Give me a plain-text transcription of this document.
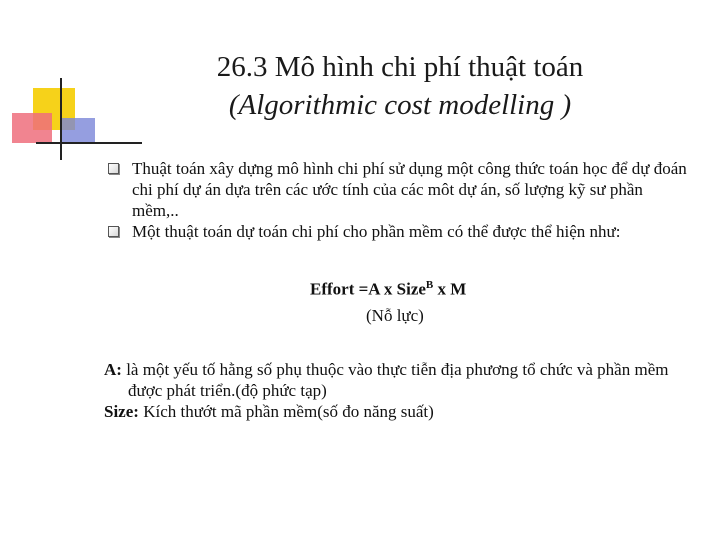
26.3 Mô hình chi phí thuật toán
(Algorithmic cost modelling )
Thuật toán xây dựng mô hình chi phí sử dụng một công thức toán học để dự đoán chi phí dự án dựa trên các ước tính của các môt dự án, số lượng kỹ sư phần mềm,..
Một thuật toán dự toán chi phí cho phần mềm có thể được thể hiện như:
Effort =A x Size$^B$ x M
(Nỗ lực)
A: là một yếu tố hằng số phụ thuộc vào thực tiễn địa phương tổ chức và phần mềm được phát triển.(độ phức tạp)
Size: Kích thướt mã phần mềm(số đo năng suất)
